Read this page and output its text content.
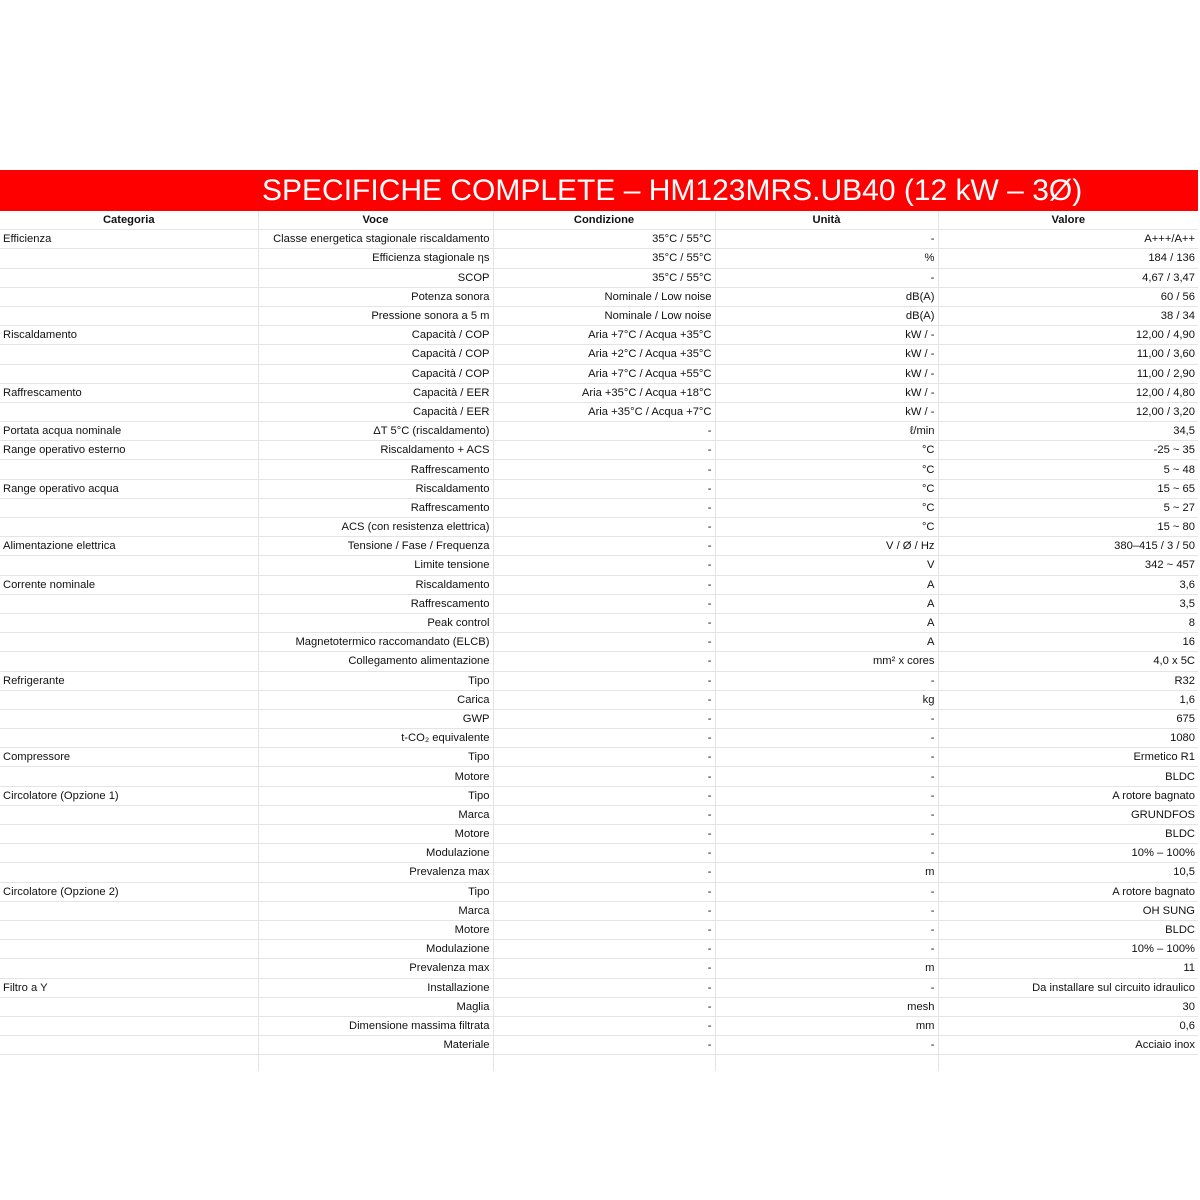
SPECIFICHE COMPLETE – HM123MRS.UB40 (12 kW – 3Ø)
Categoria	Voce	Condizione	Unità	Valore
Efficienza	Classe energetica stagionale riscaldamento	35°C / 55°C	-	A+++/A++
	Efficienza stagionale ηs	35°C / 55°C	%	184 / 136
	SCOP	35°C / 55°C	-	4,67 / 3,47
	Potenza sonora	Nominale / Low noise	dB(A)	60 / 56
	Pressione sonora a 5 m	Nominale / Low noise	dB(A)	38 / 34
Riscaldamento	Capacità / COP	Aria +7°C / Acqua +35°C	kW / -	12,00 / 4,90
	Capacità / COP	Aria +2°C / Acqua +35°C	kW / -	11,00 / 3,60
	Capacità / COP	Aria +7°C / Acqua +55°C	kW / -	11,00 / 2,90
Raffrescamento	Capacità / EER	Aria +35°C / Acqua +18°C	kW / -	12,00 / 4,80
	Capacità / EER	Aria +35°C / Acqua +7°C	kW / -	12,00 / 3,20
Portata acqua nominale	ΔT 5°C (riscaldamento)	-	ℓ/min	34,5
Range operativo esterno	Riscaldamento + ACS	-	°C	-25 ~ 35
	Raffrescamento	-	°C	5 ~ 48
Range operativo acqua	Riscaldamento	-	°C	15 ~ 65
	Raffrescamento	-	°C	5 ~ 27
	ACS (con resistenza elettrica)	-	°C	15 ~ 80
Alimentazione elettrica	Tensione / Fase / Frequenza	-	V / Ø / Hz	380–415 / 3 / 50
	Limite tensione	-	V	342 ~ 457
Corrente nominale	Riscaldamento	-	A	3,6
	Raffrescamento	-	A	3,5
	Peak control	-	A	8
	Magnetotermico raccomandato (ELCB)	-	A	16
	Collegamento alimentazione	-	mm² x cores	4,0 x 5C
Refrigerante	Tipo	-	-	R32
	Carica	-	kg	1,6
	GWP	-	-	675
	t-CO₂ equivalente	-	-	1080
Compressore	Tipo	-	-	Ermetico R1
	Motore	-	-	BLDC
Circolatore (Opzione 1)	Tipo	-	-	A rotore bagnato
	Marca	-	-	GRUNDFOS
	Motore	-	-	BLDC
	Modulazione	-	-	10% – 100%
	Prevalenza max	-	m	10,5
Circolatore (Opzione 2)	Tipo	-	-	A rotore bagnato
	Marca	-	-	OH SUNG
	Motore	-	-	BLDC
	Modulazione	-	-	10% – 100%
	Prevalenza max	-	m	11
Filtro a Y	Installazione	-	-	Da installare sul circuito idraulico
	Maglia	-	mesh	30
	Dimensione massima filtrata	-	mm	0,6
	Materiale	-	-	Acciaio inox
